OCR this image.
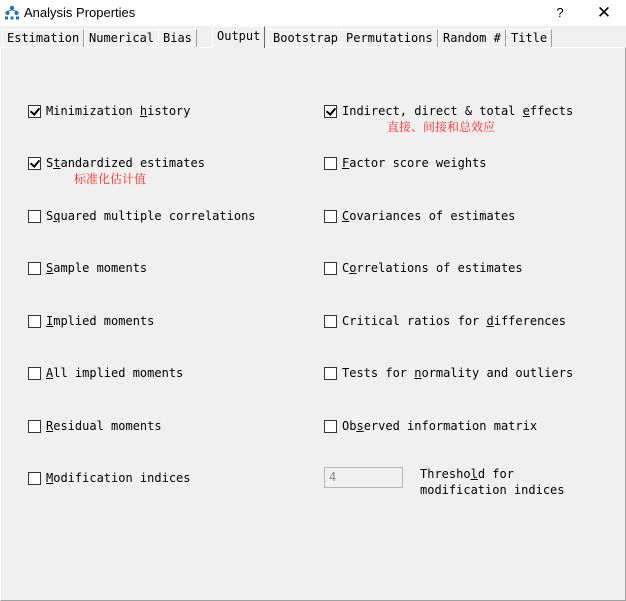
Analysis Properties	?	✕
Estimation Numerical Bias	Output	Bootstrap Permutations Random # Title
Minimization history
Standardized estimates
Squared multiple correlations
Sample moments
Implied moments
All implied moments
Residual moments
Modification indices
Indirect, direct & total effects
Factor score weights
Covariances of estimates
Correlations of estimates
Critical ratios for differences
Tests for normality and outliers
Observed information matrix
直接、间接和总效应
标准化估计值
4	Threshold for
modification indices
